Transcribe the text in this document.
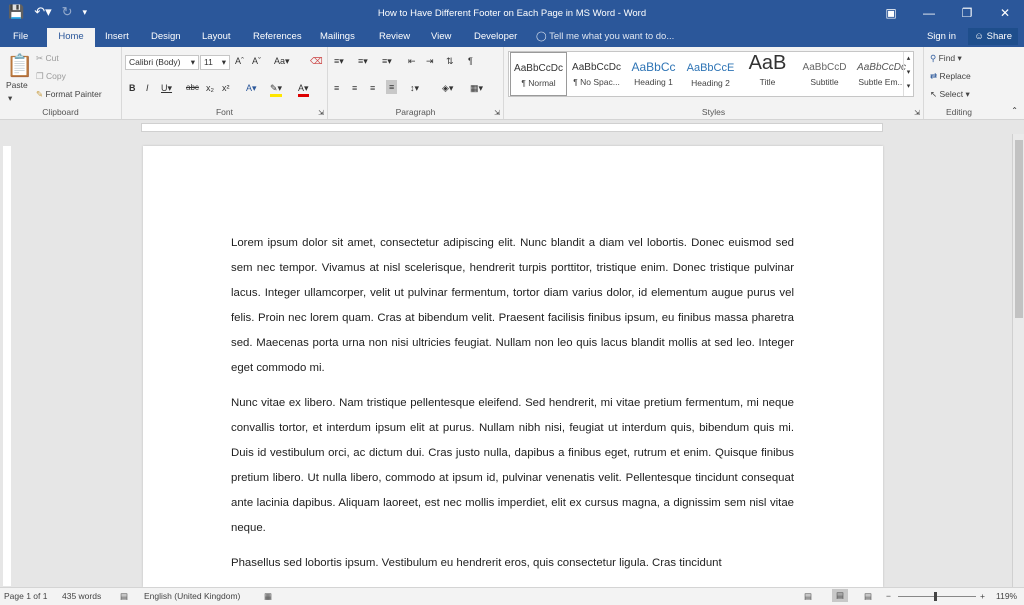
💾 ↶▾ ↻ ▾	How to Have Different Footer on Each Page in MS Word - Word	▣	—	❐	✕
File	Home	Insert	Design	Layout	References	Mailings	Review	View	Developer	◯ Tell me what you want to do...	Sign in	☺ Share
📋
Paste
▾
✂ Cut
❐ Copy
✎ Format Painter
Clipboard
Calibri (Body) ▾	11 ▾ Aˆ Aˇ Aa▾ ⌫
B I U▾ abc x₂ x² A▾ ✎▾ A▾
Font	⇲
≡▾ ≡▾ ≡▾ ⇤ ⇥ ⇅ ¶
≡ ≡ ≡	≡	↕▾	◈▾ ▦▾
Paragraph	⇲	Styles	⇲
AaBbCcDc
¶ Normal
AaBbCcDc
¶ No Spac...
AaBbCc
Heading 1
AaBbCcE
Heading 2
AaB
Title
AaBbCcD
Subtitle
AaBbCcDc
Subtle Em...
▴
▾
▾
⚲ Find ▾
⇄ Replace
↖ Select ▾
Editing	⌃
Lorem ipsum dolor sit amet, consectetur adipiscing elit. Nunc blandit a diam vel lobortis. Donec euismod sed sem nec tempor. Vivamus at nisl scelerisque, hendrerit turpis porttitor, tristique enim. Donec tristique pulvinar lacus. Integer ullamcorper, velit ut pulvinar fermentum, tortor diam varius dolor, id elementum augue purus vel felis. Proin nec lorem quam. Cras at bibendum velit. Praesent facilisis finibus ipsum, eu finibus massa pharetra sed. Maecenas porta urna non nisi ultricies feugiat. Nullam non leo quis lacus blandit mollis at sed leo. Integer eget commodo mi.
Nunc vitae ex libero. Nam tristique pellentesque eleifend. Sed hendrerit, mi vitae pretium fermentum, mi neque convallis tortor, et interdum ipsum elit at purus. Nullam nibh nisi, feugiat ut interdum quis, bibendum quis mi. Duis id vestibulum orci, ac dictum dui. Cras justo nulla, dapibus a finibus eget, rutrum et enim. Quisque finibus pretium libero. Ut nulla libero, commodo at ipsum id, pulvinar venenatis velit. Pellentesque tincidunt consequat ante lacinia dapibus. Aliquam laoreet, est nec mollis imperdiet, elit ex cursus magna, a dignissim sem nisl vitae neque.
Phasellus sed lobortis ipsum. Vestibulum eu hendrerit eros, quis consectetur ligula. Cras tincidunt
Page 1 of 1 435 words ▤ English (United Kingdom)	▦	▤	▤	▤ −	+ 119%
